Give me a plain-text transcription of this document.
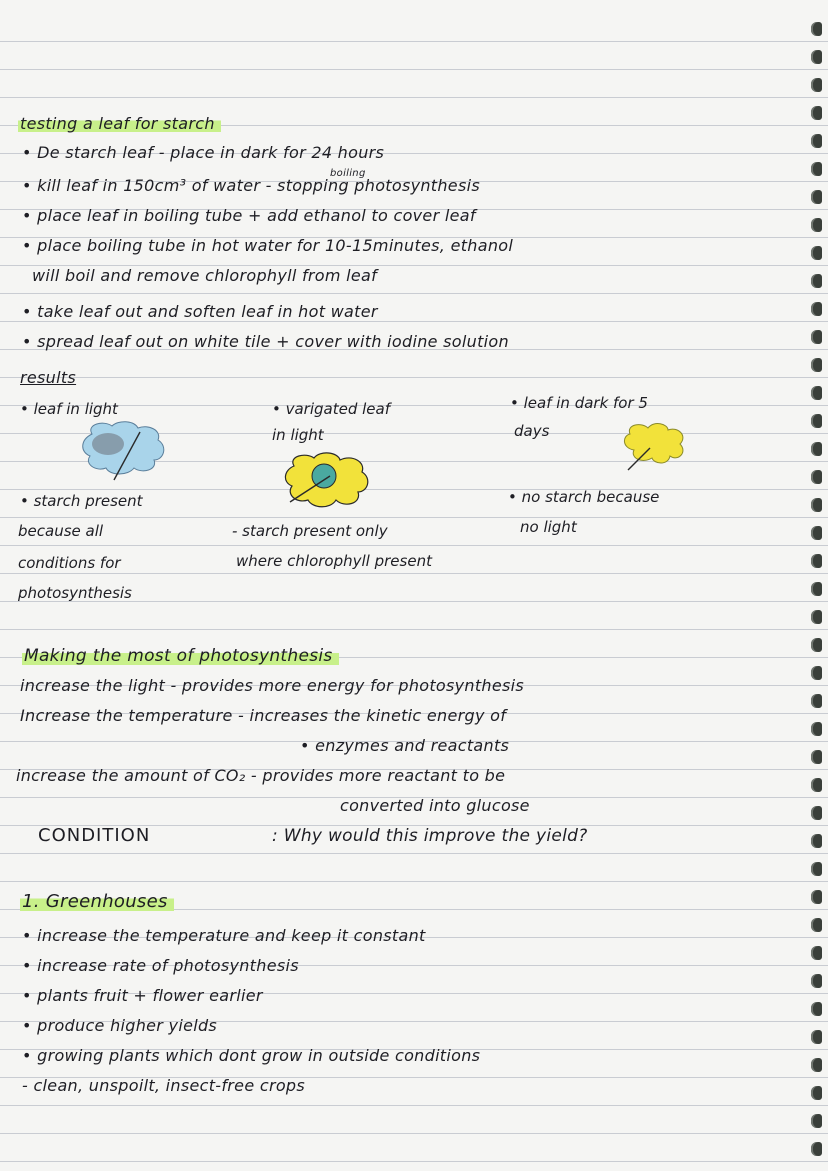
testing a leaf for starch
• De starch leaf - place in dark for 24 hours
boiling
• kill leaf in 150cm³ of water - stopping photosynthesis
• place leaf in boiling tube + add ethanol to cover leaf
• place boiling tube in hot water for 10-15minutes, ethanol
will boil and remove chlorophyll from leaf
• take leaf out and soften leaf in hot water
• spread leaf out on white tile + cover with iodine solution
results
• leaf in light	• varigated leaf
in light
• leaf in dark for 5
days
• starch present
because all
conditions for
photosynthesis
- starch present only
where chlorophyll present
• no starch because
no light
Making the most of photosynthesis
increase the light - provides more energy for photosynthesis
Increase the temperature - increases the kinetic energy of
• enzymes and reactants
increase the amount of CO₂ - provides more reactant to be
converted into glucose
CONDITION	: Why would this improve the yield?
1. Greenhouses
• increase the temperature and keep it constant
• increase rate of photosynthesis
• plants fruit + flower earlier
• produce higher yields
• growing plants which dont grow in outside conditions
- clean, unspoilt, insect-free crops
